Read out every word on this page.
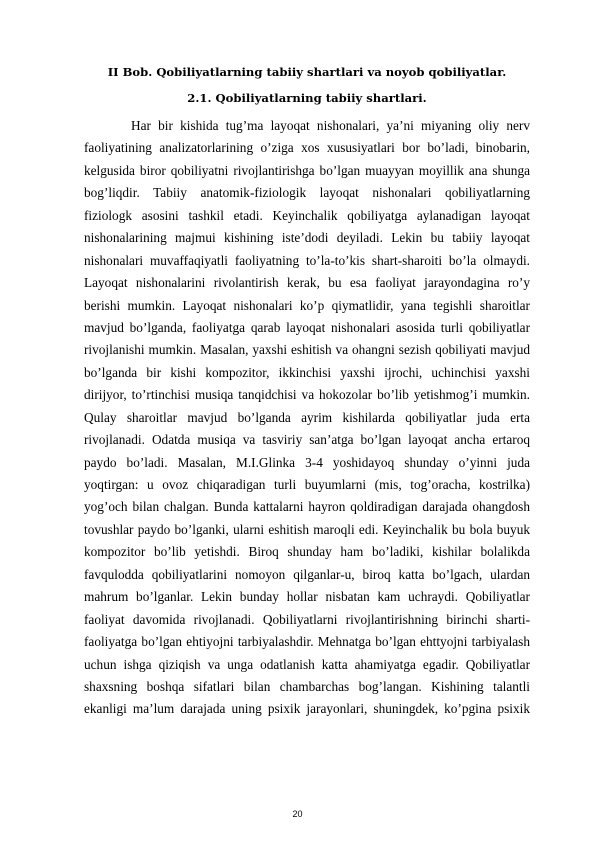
II Bob. Qobiliyatlarning tabiiy shartlari va noyob qobiliyatlar.
2.1. Qobiliyatlarning tabiiy shartlari.
Har bir kishida tug’ma layoqat nishonalari, ya’ni miyaning oliy nerv
faoliyatining analizatorlarining o’ziga xos xususiyatlari bor bo’ladi, binobarin,
kelgusida biror qobiliyatni rivojlantirishga bo’lgan muayyan moyillik ana shunga
bog’liqdir. Tabiiy anatomik-fiziologik layoqat nishonalari qobiliyatlarning
fiziologk asosini tashkil etadi. Keyinchalik qobiliyatga aylanadigan layoqat
nishonalarining majmui kishining iste’dodi deyiladi. Lekin bu tabiiy layoqat
nishonalari muvaffaqiyatli faoliyatning to’la-to’kis shart-sharoiti bo’la olmaydi.
Layoqat nishonalarini rivolantirish kerak, bu esa faoliyat jarayondagina ro’y
berishi mumkin. Layoqat nishonalari ko’p qiymatlidir, yana tegishli sharoitlar
mavjud bo’lganda, faoliyatga qarab layoqat nishonalari asosida turli qobiliyatlar
rivojlanishi mumkin. Masalan, yaxshi eshitish va ohangni sezish qobiliyati mavjud
bo’lganda bir kishi kompozitor, ikkinchisi yaxshi ijrochi, uchinchisi yaxshi
dirijyor, to’rtinchisi musiqa tanqidchisi va hokozolar bo’lib yetishmog’i mumkin.
Qulay sharoitlar mavjud bo’lganda ayrim kishilarda qobiliyatlar juda erta
rivojlanadi. Odatda musiqa va tasviriy san’atga bo’lgan layoqat ancha ertaroq
paydo bo’ladi. Masalan, M.I.Glinka 3-4 yoshidayoq shunday o’yinni juda
yoqtirgan: u ovoz chiqaradigan turli buyumlarni (mis, tog’oracha, kostrilka)
yog’och bilan chalgan. Bunda kattalarni hayron qoldiradigan darajada ohangdosh
tovushlar paydo bo’lganki, ularni eshitish maroqli edi. Keyinchalik bu bola buyuk
kompozitor bo’lib yetishdi. Biroq shunday ham bo’ladiki, kishilar bolalikda
favqulodda qobiliyatlarini nomoyon qilganlar-u, biroq katta bo’lgach, ulardan
mahrum bo’lganlar. Lekin bunday hollar nisbatan kam uchraydi. Qobiliyatlar
faoliyat davomida rivojlanadi. Qobiliyatlarni rivojlantirishning birinchi sharti-
faoliyatga bo’lgan ehtiyojni tarbiyalashdir. Mehnatga bo’lgan ehttyojni tarbiyalash
uchun ishga qiziqish va unga odatlanish katta ahamiyatga egadir. Qobiliyatlar
shaxsning boshqa sifatlari bilan chambarchas bog’langan. Kishining talantli
ekanligi ma’lum darajada uning psixik jarayonlari, shuningdek, ko’pgina psixik
20
